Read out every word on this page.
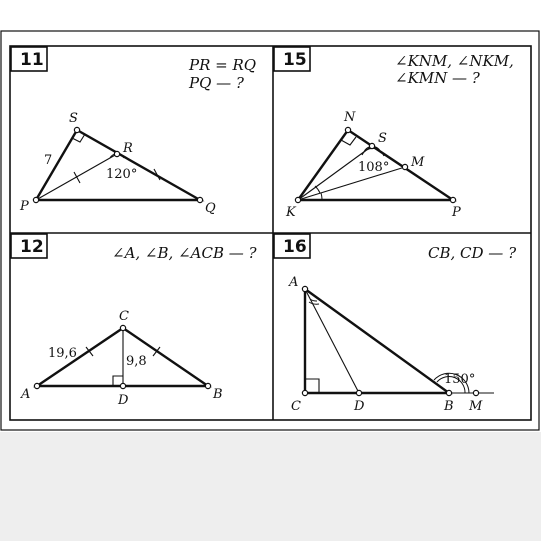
11	PR = RQ
PQ — ?
S
R
P	Q
7
120°
15	∠KNM, ∠NKM,
∠KMN — ?
N
S
M
K	P
108°
12	∠A, ∠B, ∠ACB — ?
C
A	B
D
19,6
9,8
16	CB, CD — ?
A
C	D	B M
150°
